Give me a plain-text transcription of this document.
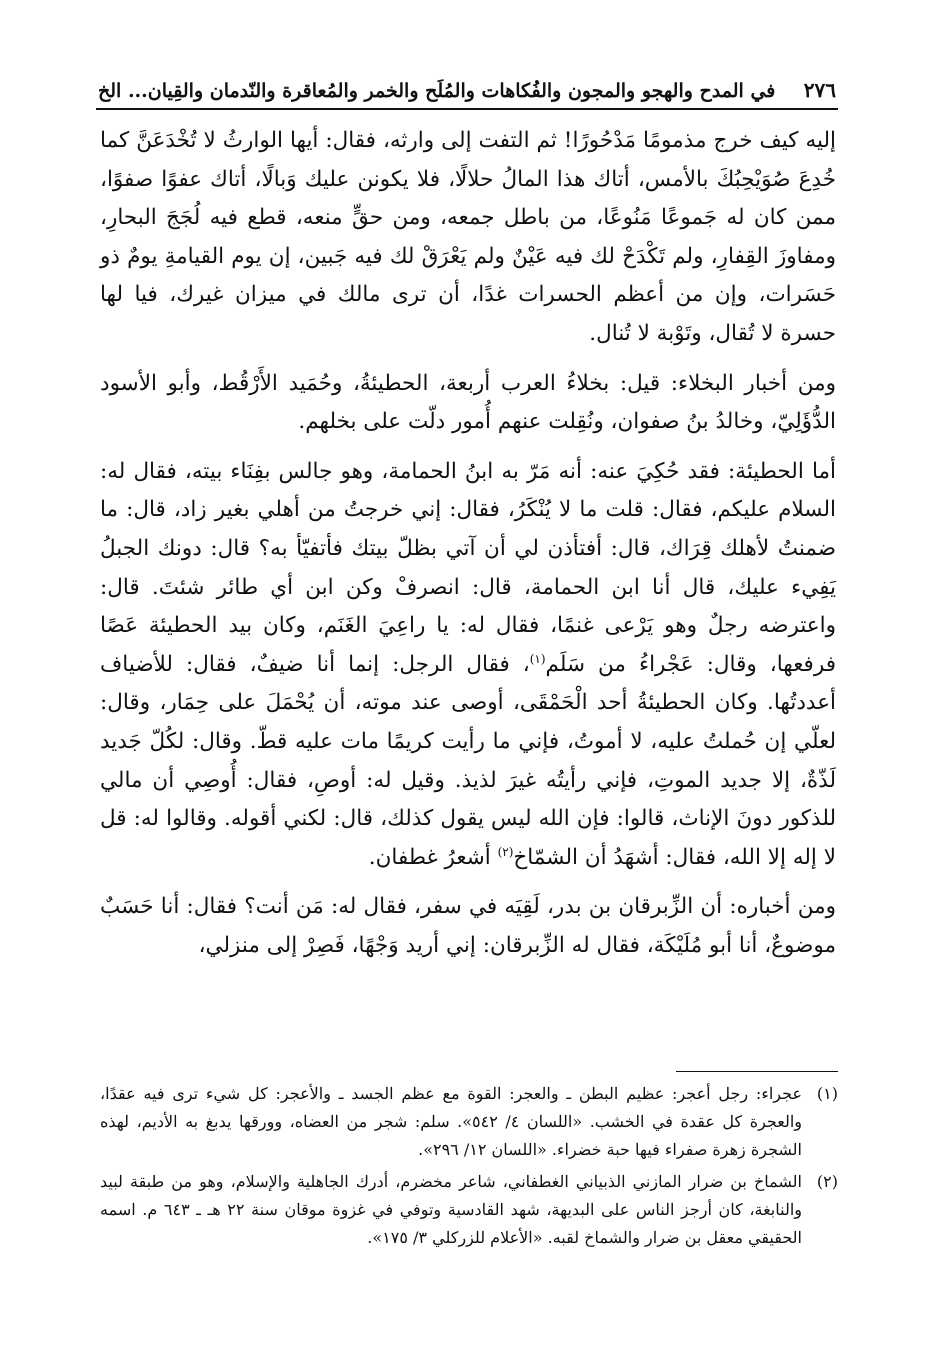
٢٧٦
في المدح والهجو والمجون والفُكاهات والمُلَح والخمر والمُعاقرة والنّدمان والقِيان... الخ

إليه كيف خرج مذمومًا مَدْحُورًا! ثم التفت إلى وارثه، فقال: أيها الوارثُ لا تُخْدَعَنَّ كما خُدِعَ صُوَيْحِبُكَ بالأمس، أتاك هذا المالُ حلالًا، فلا يكونن عليك وَبالًا، أتاك عفوًا صفوًا، ممن كان له جَموعًا مَنُوعًا، من باطل جمعه، ومن حقٍّ منعه، قطع فيه لُجَجَ البحارِ، ومفاوزَ القِفارِ، ولم تَكْدَحْ لك فيه عَيْنٌ ولم يَعْرَقْ لك فيه جَبين، إن يوم القيامةِ يومٌ ذو حَسَرات، وإن من أعظم الحسرات غدًا، أن ترى مالك في ميزان غيرك، فيا لها حسرة لا تُقال، وتَوْبة لا تُنال.

ومن أخبار البخلاء: قيل: بخلاءُ العرب أربعة، الحطيئةُ، وحُمَيد الأَرْقُط، وأبو الأسود الدُّؤَلِيّ، وخالدُ بنُ صفوان، ونُقِلت عنهم أُمور دلّت على بخلهم.

أما الحطيئة: فقد حُكِيَ عنه: أنه مَرّ به ابنُ الحمامة، وهو جالس بفِنَاء بيته، فقال له: السلام عليكم، فقال: قلت ما لا يُنْكَرُ، فقال: إني خرجتُ من أهلي بغير زاد، قال: ما ضمنتُ لأهلك قِرَاك، قال: أفتأذن لي أن آتي بظلّ بيتك فأتفيّأ به؟ قال: دونك الجبلُ يَفِيء عليك، قال أنا ابن الحمامة، قال: انصرفْ وكن ابن أي طائر شئتَ. قال: واعترضه رجلٌ وهو يَرْعى غنمًا، فقال له: يا راعِيَ الغَنَم، وكان بيد الحطيئة عَصًا فرفعها، وقال: عَجْراءُ من سَلَم$^{(١)}$، فقال الرجل: إنما أنا ضيفٌ، فقال: للأضياف أعددتُها. وكان الحطيئةُ أحد الْحَمْقَى، أوصى عند موته، أن يُحْمَلَ على حِمَار، وقال: لعلّي إن حُملتُ عليه، لا أموتُ، فإني ما رأيت كريمًا مات عليه قطّ. وقال: لكُلّ جَديد لَذّةٌ، إلا جديد الموتِ، فإني رأيتُه غيرَ لذيذ. وقيل له: أوصِ، فقال: أُوصِي أن مالي للذكور دونَ الإناث، قالوا: فإن الله ليس يقول كذلك، قال: لكني أقوله. وقالوا له: قل لا إله إلا الله، فقال: أشهَدُ أن الشمّاخ$^{(٢)}$ أشعرُ غطفان.

ومن أخباره: أن الزِّبرقان بن بدر، لَقِيَه في سفر، فقال له: مَن أنت؟ فقال: أنا حَسَبٌ موضوعٌ، أنا أبو مُلَيْكَة، فقال له الزِّبرقان: إني أريد وَجْهًا، فَصِرْ إلى منزلي،

(١)
عجراء: رجل أعجر: عظيم البطن ـ والعجر: القوة مع عظم الجسد ـ والأعجر: كل شيء ترى فيه عقدًا، والعجرة كل عقدة في الخشب. «اللسان ٤/ ٥٤٢». سلم: شجر من العضاه، وورقها يدبغ به الأديم، لهذه الشجرة زهرة صفراء فيها حبة خضراء. «اللسان ١٢/ ٢٩٦».
(٢)
الشماخ بن ضرار المازني الذبياني الغطفاني، شاعر مخضرم، أدرك الجاهلية والإسلام، وهو من طبقة لبيد والنابغة، كان أرجز الناس على البديهة، شهد القادسية وتوفي في غزوة موقان سنة ٢٢ هـ ـ ٦٤٣ م. اسمه الحقيقي معقل بن ضرار والشماخ لقبه. «الأعلام للزركلي ٣/ ١٧٥».
